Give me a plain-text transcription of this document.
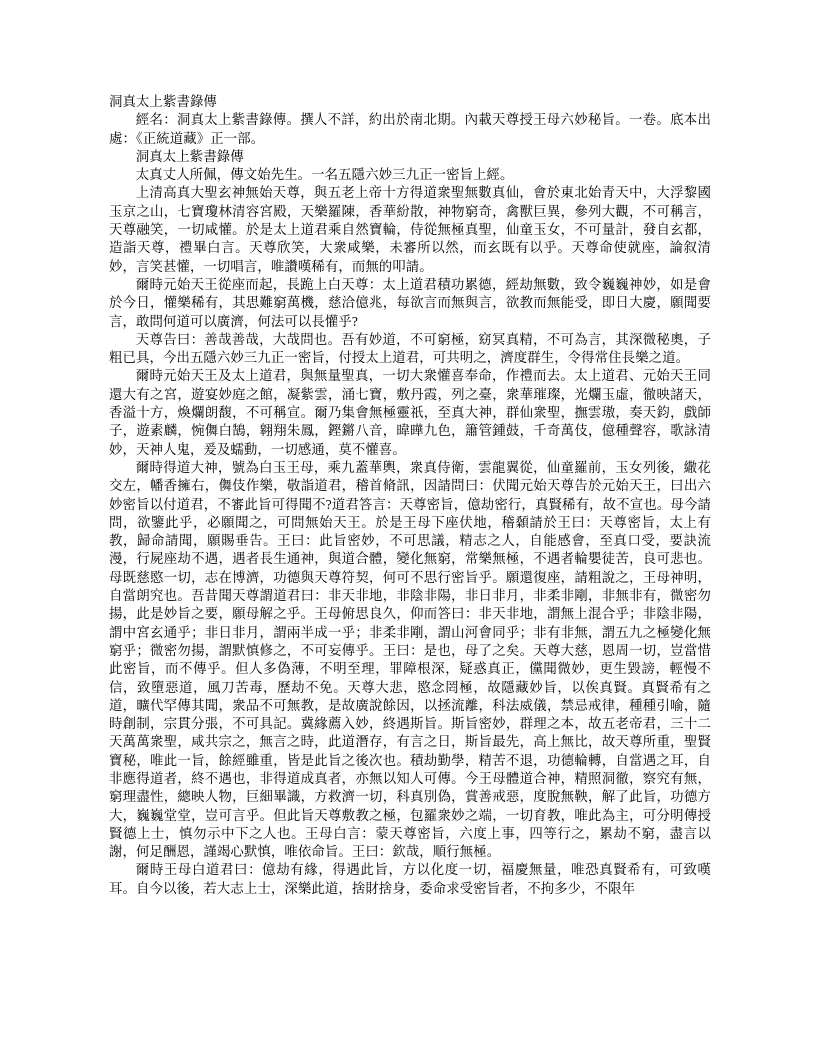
洞真太上紫書錄傳

經名：洞真太上紫書錄傳。撰人不詳，約出於南北期。內載天尊授王母六妙秘旨。一卷。底本出處：《正統道藏》正一部。

洞真太上紫書錄傳

太真丈人所佩，傳文始先生。一名五隱六妙三九正一密旨上經。

上清高真大聖玄神無始天尊，與五老上帝十方得道衆聖無數真仙，會於東北始青天中，大浮黎國玉京之山，七寶瓊林清容宮殿，天樂羅陳，香華紛散，神物窮奇，禽獸巨異，參列大觀，不可稱言，天尊融笑，一切咸懽。於是太上道君乘自然寶輪，侍從無極真聖，仙童玉女，不可量計，發自玄都，造詣天尊，禮畢白言。天尊欣笑，大衆咸樂，未審所以然，而玄既有以乎。天尊命使就座，論叙清妙，言笑甚懽，一切唱言，唯讚嘆稀有，而無的叩請。

爾時元始天王從座而起，長跪上白天尊：太上道君積功累德，經劫無數，致令巍巍神妙，如是會於今日，懽樂稀有，其思難窮萬機，慈洽億兆，每欲言而無與言，欲教而無能受，即日大慶，願聞要言，敢問何道可以廣濟，何法可以長懽乎?

天尊告曰：善哉善哉，大哉問也。吾有妙道，不可窮極，窈冥真精，不可為言，其深微秘奧，子粗已具，今出五隱六妙三九正一密旨，付授太上道君，可共明之，濟度群生，令得常住長樂之道。

爾時元始天王及太上道君，與無量聖真，一切大衆懽喜奉命，作禮而去。太上道君、元始天王同還大有之宮，遊宴妙庭之館，凝紫雲，涌七寶，敷丹霞，列之臺，衆華璀璨，光爛玉虛，徹映諸天，香溢十方，煥爛朗馥，不可稱宣。爾乃集會無極靈祇，至真大神，群仙衆聖，撫雲璈，奏天鈞，戲師子，遊素麟，惋儛白鵠，翱翔朱鳳，鏗鏘八音，暐曄九色，簫管鍾鼓，千奇萬伎，億種聲容，歌詠清妙，天神人鬼，爰及蠕動，一切感通，莫不懽喜。

爾時得道大神，號為白玉王母，乘九蓋華輿，衆真侍衛，雲龍翼從，仙童羅前，玉女列後，繖花交左，幡香擁右，儛伎作樂，敬詣道君，稽首脩訊，因請問曰：伏聞元始天尊告於元始天王，曰出六妙密旨以付道君，不審此旨可得聞不?道君答言：天尊密旨，億劫密行，真賢稀有，故不宣也。母今請問，欲鑒此乎，必願聞之，可問無始天王。於是王母下座伏地，稽顙請於王曰：天尊密旨，太上有教，歸命請聞，願賜垂告。王曰：此旨密妙，不可思議，精志之人，自能感會，至真口受，要訣流漫，行屍座劫不遇，遇者長生通神，與道合體，變化無窮，常樂無極，不遇者輪嬰徒苦，良可悲也。母既慈愍一切，志在博濟，功德與天尊符契，何可不思行密旨乎。願還復座，請粗說之，王母神明，自當朗究也。吾昔聞天尊謂道君曰：非天非地，非陰非陽，非日非月，非柔非剛，非無非有，微密勿揚，此是妙旨之要，願母解之乎。王母俯思良久，仰而答曰：非天非地，謂無上混合乎；非陰非陽，謂中宮玄通乎；非日非月，謂兩半成一乎；非柔非剛，謂山河會同乎；非有非無，謂五九之極變化無窮乎；微密勿揚，謂默慎修之，不可妄傳乎。王曰：是也，母了之矣。天尊大慈，恩周一切，豈當惜此密旨，而不傳乎。但人多偽薄，不明至理，罪障根深，疑惑真正，儻聞微妙，更生毀謗，輕慢不信，致墮惡道，風刀苦毒，歷劫不免。天尊大悲，愍念罔極，故隱藏妙旨，以俟真賢。真賢希有之道，曠代罕傳其聞，衆品不可無教，是故廣說餘因，以拯流離，科法威儀，禁忌戒律，種種引喻，隨時創制，宗貫分張，不可具記。冀緣薦入妙，終遇斯旨。斯旨密妙，群理之本，故五老帝君，三十二天萬萬衆聖，咸共宗之，無言之時，此道潛存，有言之日，斯旨最先，高上無比，故天尊所重，聖賢寶秘，唯此一旨，餘經雖重，皆是此旨之後次也。積劫勤學，精苦不退，功德輪轉，自當遇之耳，自非應得道者，終不遇也，非得道成真者，亦無以知人可傳。今王母體道合神，精照洞徹，察究有無，窮理盡性，總映人物，巨細畢識，方救濟一切，科真別偽，賞善戒惡，度脫無鞅，解了此旨，功德方大，巍巍堂堂，豈可言乎。但此旨天尊敷教之極，包羅衆妙之端，一切育教，唯此為主，可分明傳授賢德上士，慎勿示中下之人也。王母白言：蒙天尊密旨，六度上事，四等行之，累劫不窮，盡言以謝，何足酬恩，謹竭心默慎，唯依命旨。王曰：欽哉，順行無極。

爾時王母白道君曰：億劫有緣，得遇此旨，方以化度一切，福慶無量，唯恐真賢希有，可致嘆耳。自今以後，若大志上士，深樂此道，捨財捨身，委命求受密旨者，不拘多少，不限年
